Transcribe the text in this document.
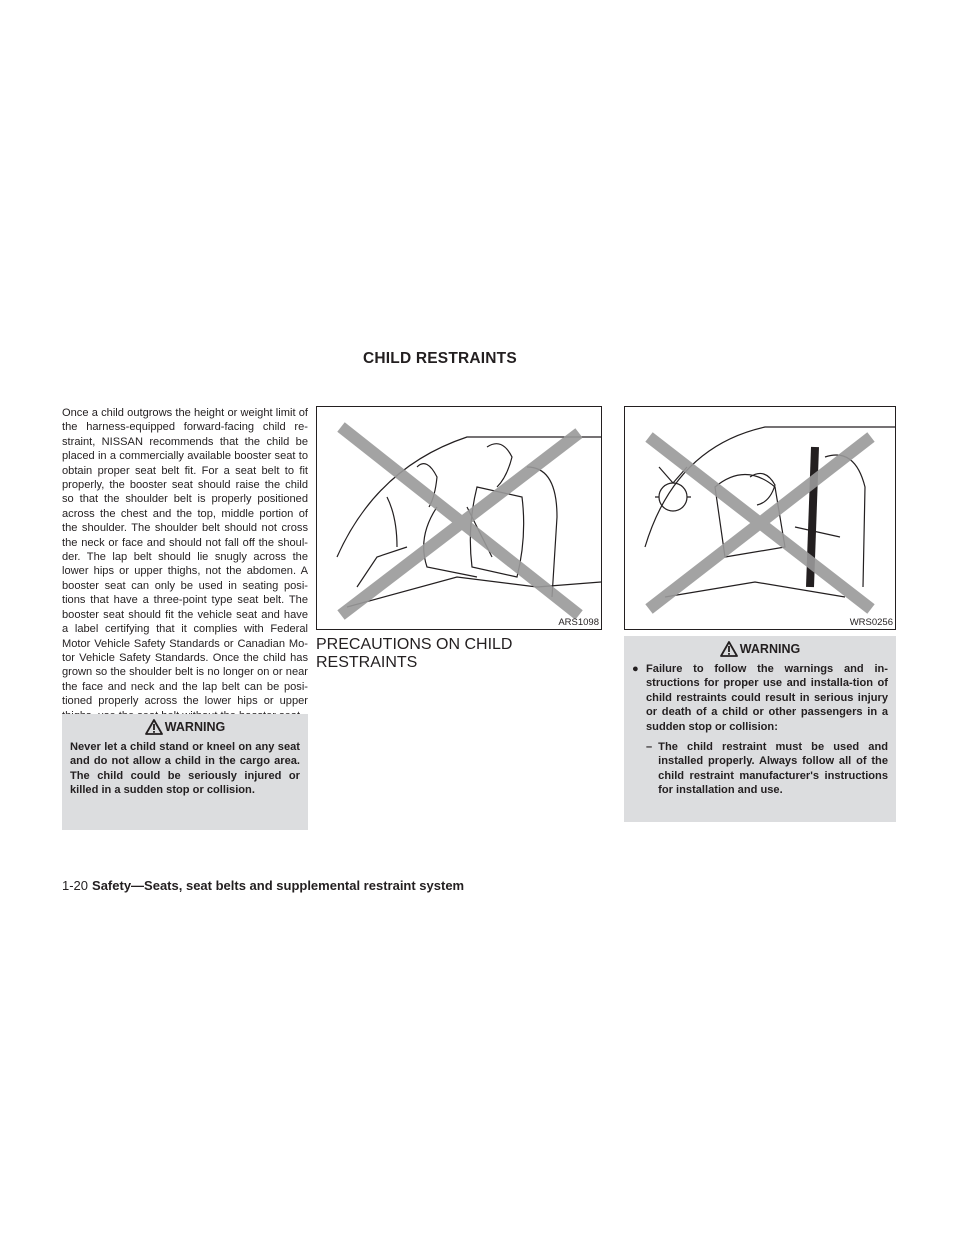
CHILD RESTRAINTS

Once a child outgrows the height or weight limit of the harness-equipped forward-facing child re-straint, NISSAN recommends that the child be placed in a commercially available booster seat to obtain proper seat belt fit. For a seat belt to fit properly, the booster seat should raise the child so that the shoulder belt is properly positioned across the chest and the top, middle portion of the shoulder. The shoulder belt should not cross the neck or face and should not fall off the shoul-der. The lap belt should lie snugly across the lower hips or upper thighs, not the abdomen. A booster seat can only be used in seating posi-tions that have a three-point type seat belt. The booster seat should fit the vehicle seat and have a label certifying that it complies with Federal Motor Vehicle Safety Standards or Canadian Mo-tor Vehicle Safety Standards. Once the child has grown so the shoulder belt is no longer on or near the face and neck and the lap belt can be posi-tioned properly across the lower hips or upper

WARNING
Never let a child stand or kneel on any seat and do not allow a child in the cargo area. The child could be seriously injured or killed in a sudden stop or collision.
ARS1098	WRS0256
PRECAUTIONS ON CHILD RESTRAINTS
WARNING
● Failure to follow the warnings and in-structions for proper use and installa-tion of child restraints could result in serious injury or death of a child or other passengers in a sudden stop or collision:
– The child restraint must be used and installed properly. Always follow all of the child restraint manufacturer's instructions for installation and use.
1-20 Safety—Seats, seat belts and supplemental restraint system
